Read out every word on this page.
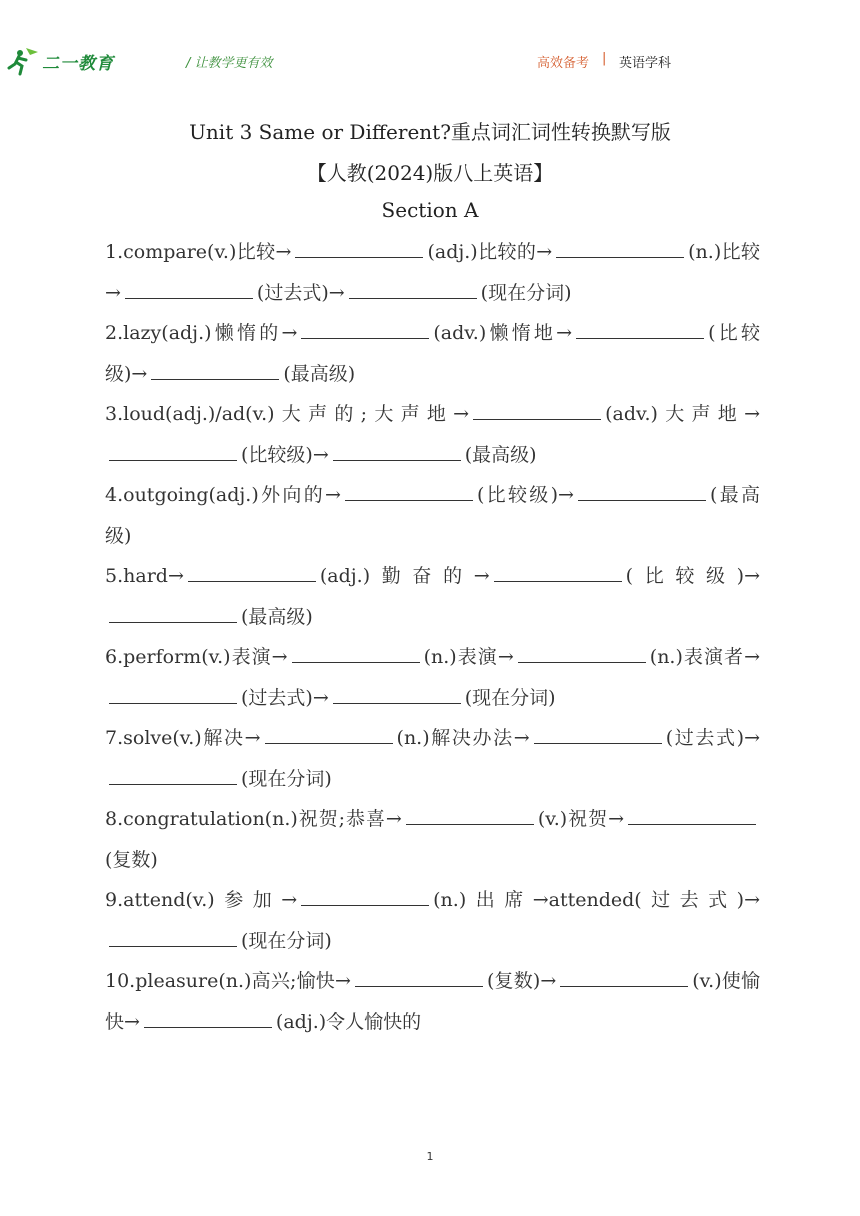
二一教育	/ 让教学更有效	高效备考 | 英语学科
Unit 3 Same or Different?重点词汇词性转换默写版
【人教(2024)版八上英语】
Section A

1.compare(v.)比较→	(adj.)比较的→	(n.)比较→	(过去式)→	(现在分词)

2.lazy(adj.)懒惰的→	(adv.)懒惰地→	(比较级)→	(最高级)

3.loud(adj.)/ad(v.)大声的;大声地→	(adv.)大声地→(比较级)→	(最高级)

4.outgoing(adj.)外向的→	(比较级)→	(最高级)

5.hard→	(adj.)勤奋的→	(比较级)→(最高级)

6.perform(v.)表演→	(n.)表演→	(n.)表演者→(过去式)→	(现在分词)

7.solve(v.)解决→	(n.)解决办法→	(过去式)→(现在分词)

8.congratulation(n.)祝贺;恭喜→	(v.)祝贺→(复数)

9.attend(v.)参加→	(n.)出席→attended(过去式)→(现在分词)

10.pleasure(n.)高兴;愉快→	(复数)→	(v.)使愉快→	(adj.)令人愉快的

1
